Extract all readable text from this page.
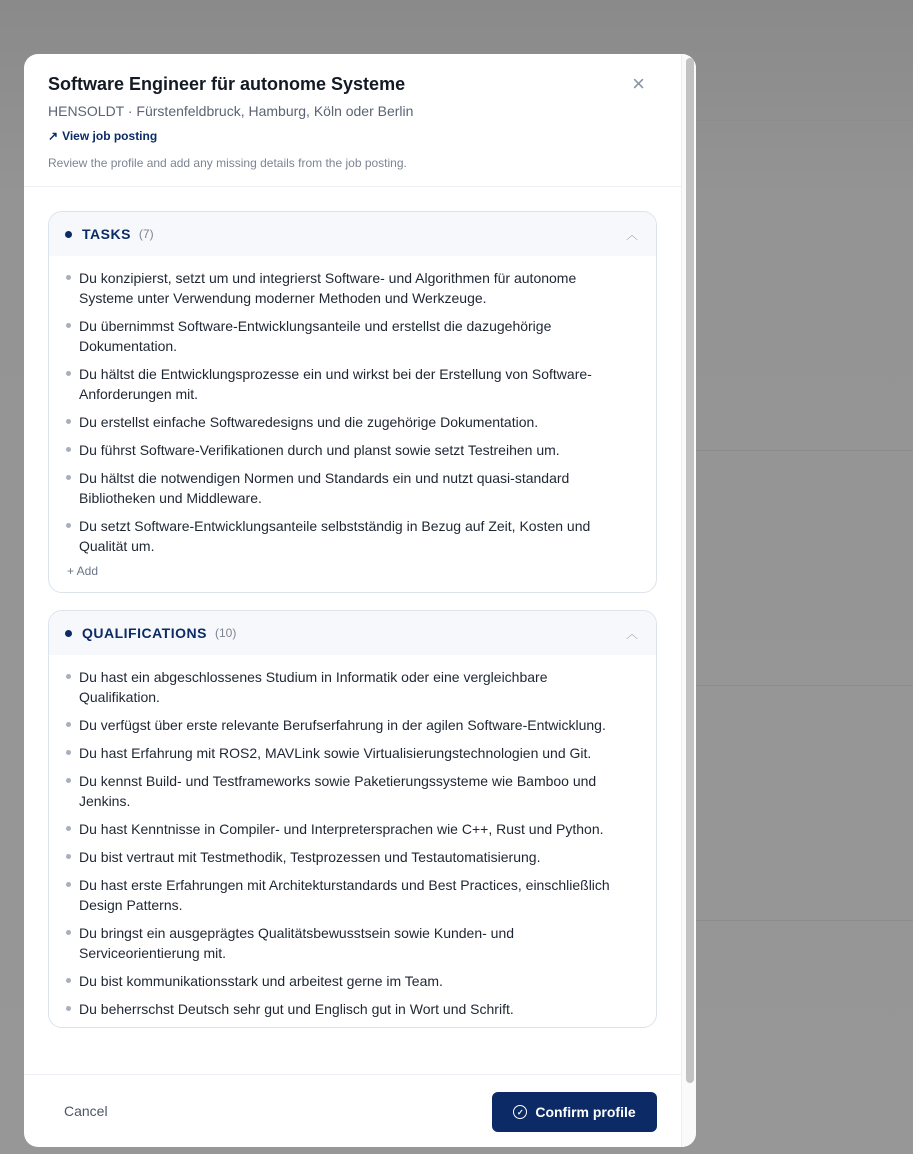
Software Engineer für autonome Systeme
HENSOLDT · Fürstenfeldbruck, Hamburg, Köln oder Berlin
↗ View job posting
Review the profile and add any missing details from the job posting.
×
TASKS (7)	︿
Du konzipierst, setzt um und integrierst Software- und Algorithmen für autonome Systeme unter Verwendung moderner Methoden und Werkzeuge.
Du übernimmst Software-Entwicklungsanteile und erstellst die dazugehörige Dokumentation.
Du hältst die Entwicklungsprozesse ein und wirkst bei der Erstellung von Software-Anforderungen mit.
Du erstellst einfache Softwaredesigns und die zugehörige Dokumentation.
Du führst Software-Verifikationen durch und planst sowie setzt Testreihen um.
Du hältst die notwendigen Normen und Standards ein und nutzt quasi-standard Bibliotheken und Middleware.
Du setzt Software-Entwicklungsanteile selbstständig in Bezug auf Zeit, Kosten und Qualität um.
+ Add
QUALIFICATIONS (10)	︿
Du hast ein abgeschlossenes Studium in Informatik oder eine vergleichbare Qualifikation.
Du verfügst über erste relevante Berufserfahrung in der agilen Software-Entwicklung.
Du hast Erfahrung mit ROS2, MAVLink sowie Virtualisierungstechnologien und Git.
Du kennst Build- und Testframeworks sowie Paketierungssysteme wie Bamboo und Jenkins.
Du hast Kenntnisse in Compiler- und Interpretersprachen wie C++, Rust und Python.
Du bist vertraut mit Testmethodik, Testprozessen und Testautomatisierung.
Du hast erste Erfahrungen mit Architekturstandards und Best Practices, einschließlich Design Patterns.
Du bringst ein ausgeprägtes Qualitätsbewusstsein sowie Kunden- und Serviceorientierung mit.
Du bist kommunikationsstark und arbeitest gerne im Team.
Du beherrschst Deutsch sehr gut und Englisch gut in Wort und Schrift.
Cancel	✓ Confirm profile
